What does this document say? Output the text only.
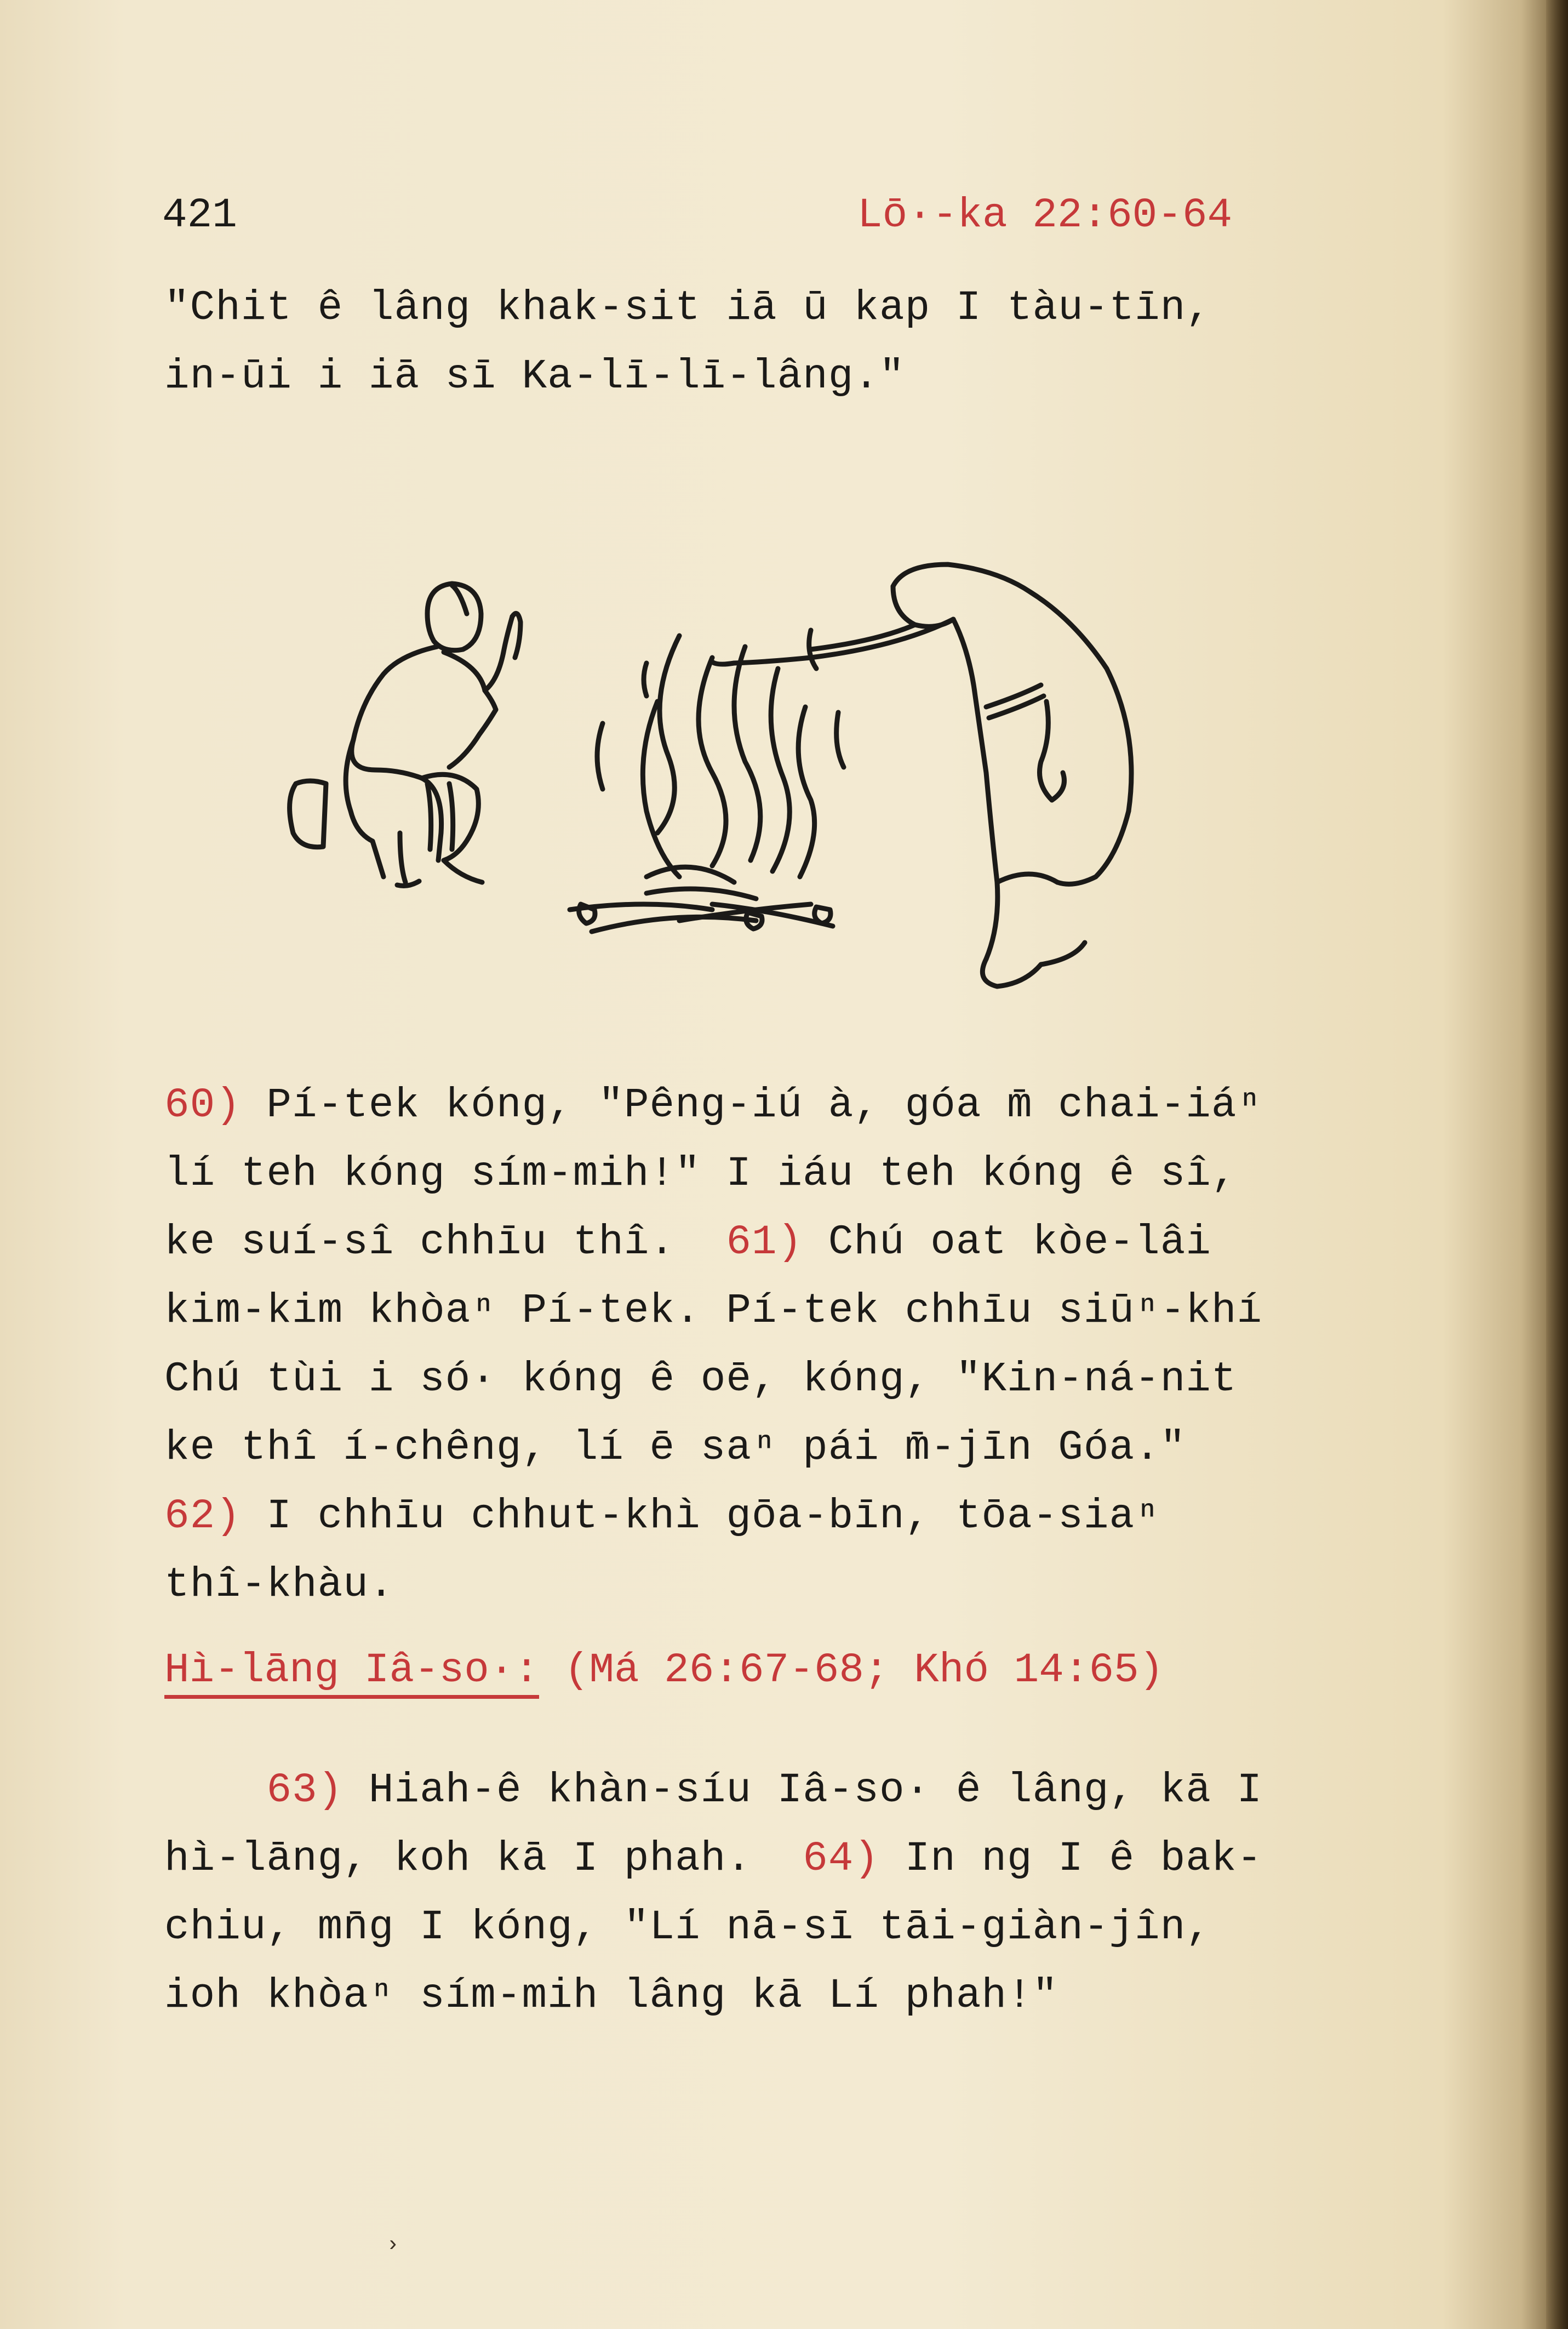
421	Lō·-ka 22:60-64
"Chit ê lâng khak-sit iā ū kap I tàu-tīn,
in-ūi i iā sī Ka-lī-lī-lâng."
60) Pí-tek kóng, "Pêng-iú à, góa m̄ chai-iáⁿ
lí teh kóng sím-mih!" I iáu teh kóng ê sî,
ke suí-sî chhīu thî.  61) Chú oat kòe-lâi
kim-kim khòaⁿ Pí-tek. Pí-tek chhīu siūⁿ-khí
Chú tùi i só· kóng ê oē, kóng, "Kin-ná-nit
ke thî í-chêng, lí ē saⁿ pái m̄-jīn Góa."
62) I chhīu chhut-khì gōa-bīn, tōa-siaⁿ
thî-khàu.
Hì-lāng Iâ-so·: (Má 26:67-68; Khó 14:65)
63) Hiah-ê khàn-síu Iâ-so· ê lâng, kā I
hì-lāng, koh kā I phah.  64) In ng I ê bak-
chiu, mn̄g I kóng, "Lí nā-sī tāi-giàn-jîn,
ioh khòaⁿ sím-mih lâng kā Lí phah!"
›
